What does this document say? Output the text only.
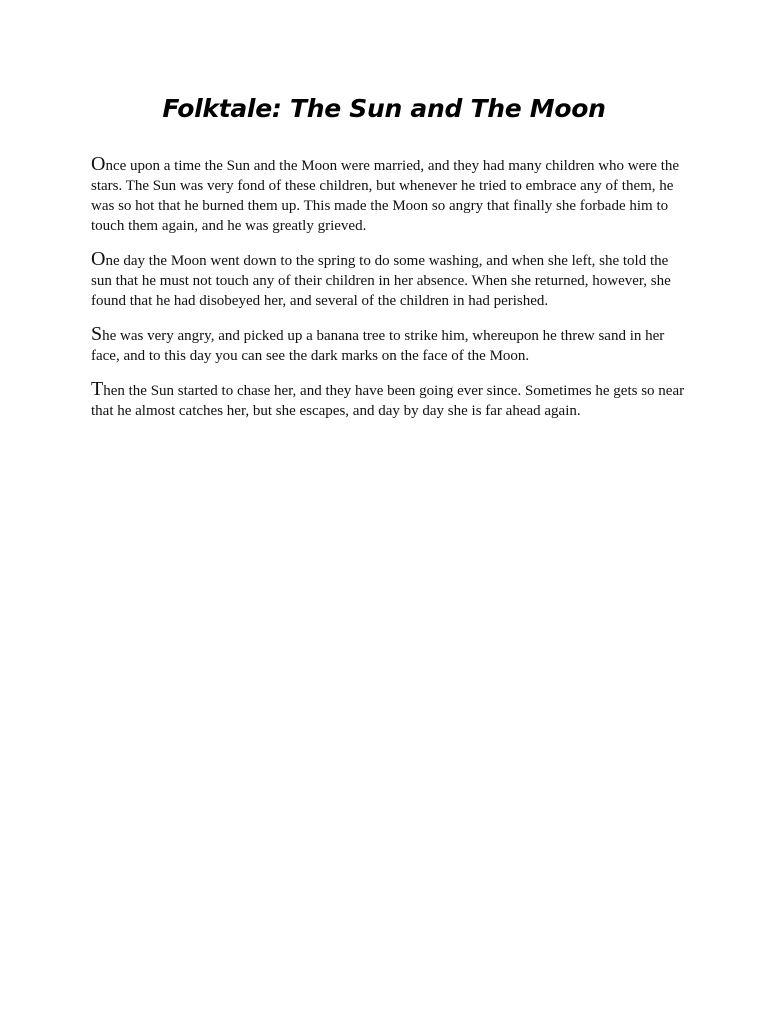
Folktale: The Sun and The Moon

Once upon a time the Sun and the Moon were married, and they had many children who were the stars. The Sun was very fond of these children, but whenever he tried to embrace any of them, he was so hot that he burned them up. This made the Moon so angry that finally she forbade him to touch them again, and he was greatly grieved.

One day the Moon went down to the spring to do some washing, and when she left, she told the sun that he must not touch any of their children in her absence. When she returned, however, she found that he had disobeyed her, and several of the children in had perished.

She was very angry, and picked up a banana tree to strike him, whereupon he threw sand in her face, and to this day you can see the dark marks on the face of the Moon.

Then the Sun started to chase her, and they have been going ever since. Sometimes he gets so near that he almost catches her, but she escapes, and day by day she is far ahead again.
